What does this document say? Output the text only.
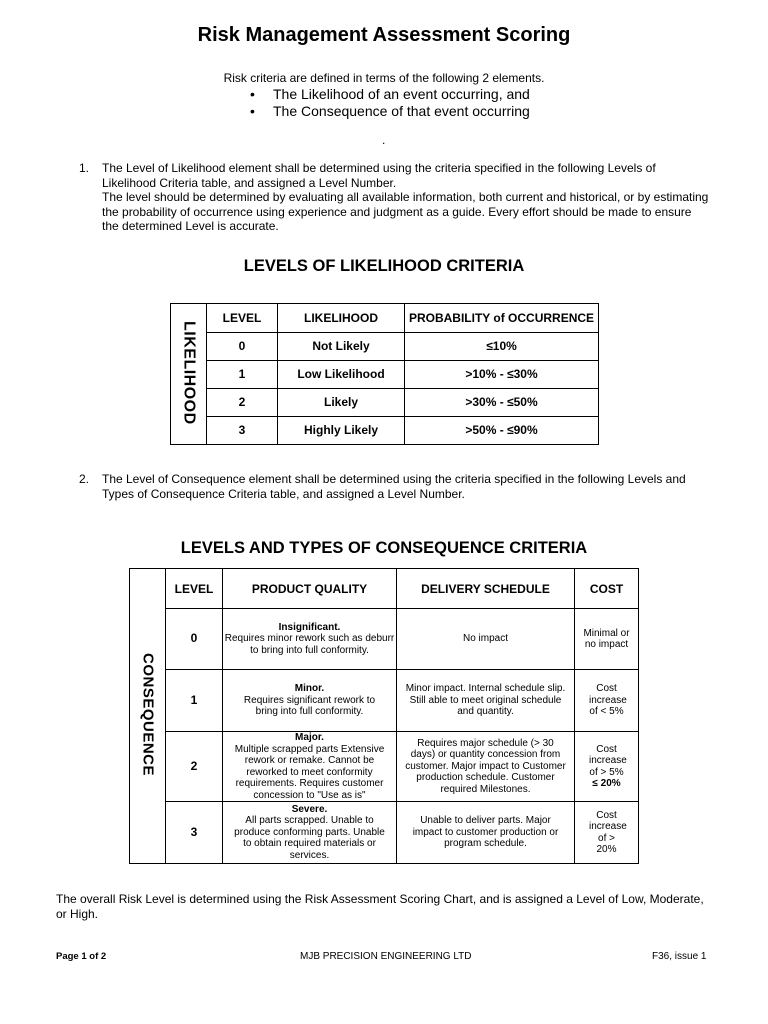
Risk Management Assessment Scoring
Risk criteria are defined in terms of the following 2 elements.
• The Likelihood of an event occurring, and
• The Consequence of that event occurring
.
1. The Level of Likelihood element shall be determined using the criteria specified in the following Levels of Likelihood Criteria table, and assigned a Level Number.
The level should be determined by evaluating all available information, both current and historical, or by estimating the probability of occurrence using experience and judgment as a guide. Every effort should be made to ensure the determined Level is accurate.
LEVELS OF LIKELIHOOD CRITERIA
LIKELIHOOD	LEVEL	LIKELIHOOD	PROBABILITY of OCCURRENCE
	0	Not Likely	≤10%
	1	Low Likelihood	>10% - ≤30%
	2	Likely	>30% - ≤50%
	3	Highly Likely	>50% - ≤90%
2. The Level of Consequence element shall be determined using the criteria specified in the following Levels and Types of Consequence Criteria table, and assigned a Level Number.
LEVELS AND TYPES OF CONSEQUENCE CRITERIA
CONSEQUENCE	LEVEL	PRODUCT QUALITY	DELIVERY SCHEDULE	COST
	0	Insignificant.
Requires minor rework such as deburr to bring into full conformity.	No impact	Minimal or no impact
	1	Minor.
Requires significant rework to bring into full conformity.	Minor impact. Internal schedule slip. Still able to meet original schedule and quantity.	Cost increase of < 5%
	2	Major.
Multiple scrapped parts Extensive rework or remake. Cannot be reworked to meet conformity requirements. Requires customer concession to "Use as is"	Requires major schedule (> 30 days) or quantity concession from customer. Major impact to Customer production schedule. Customer required Milestones.	Cost increase of > 5%
≤ 20%

	3	Severe.
All parts scrapped. Unable to produce conforming parts. Unable to obtain required materials or services.	Unable to deliver parts. Major impact to customer production or program schedule.	Cost increase of > 20%
The overall Risk Level is determined using the Risk Assessment Scoring Chart, and is assigned a Level of Low, Moderate, or High.
Page 1 of 2	MJB PRECISION ENGINEERING LTD	F36, issue 1
